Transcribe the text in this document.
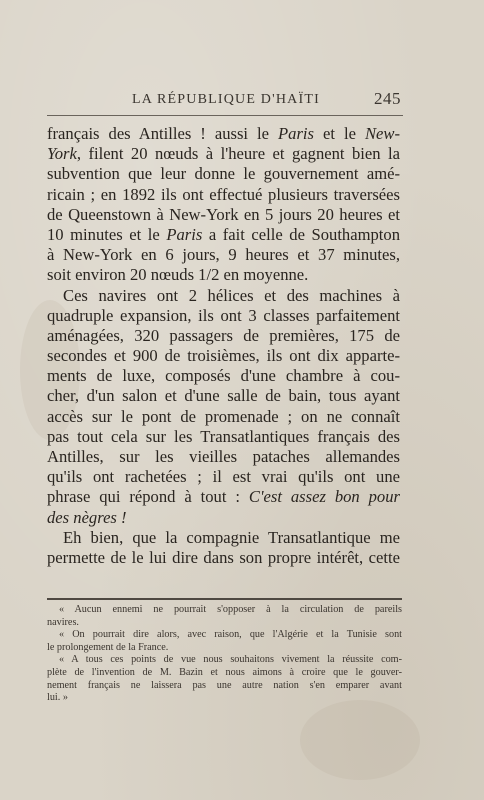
LA RÉPUBLIQUE D'HAÏTI	245
français des Antilles ! aussi le Paris et le New-
York, filent 20 nœuds à l'heure et gagnent bien la
subvention que leur donne le gouvernement amé-
ricain ; en 1892 ils ont effectué plusieurs traversées
de Queenstown à New-York en 5 jours 20 heures et
10 minutes et le Paris a fait celle de Southampton
à New-York en 6 jours, 9 heures et 37 minutes,
soit environ 20 nœuds 1/2 en moyenne.
Ces navires ont 2 hélices et des machines à
quadruple expansion, ils ont 3 classes parfaitement
aménagées, 320 passagers de premières, 175 de
secondes et 900 de troisièmes, ils ont dix apparte-
ments de luxe, composés d'une chambre à cou-
cher, d'un salon et d'une salle de bain, tous ayant
accès sur le pont de promenade ; on ne connaît
pas tout cela sur les Transatlantiques français des
Antilles, sur les vieilles pataches allemandes
qu'ils ont rachetées ; il est vrai qu'ils ont une
phrase qui répond à tout : C'est assez bon pour
des nègres !
Eh bien, que la compagnie Transatlantique me
permette de le lui dire dans son propre intérêt, cette
« Aucun ennemi ne pourrait s'opposer à la circulation de pareils
navires.
« On pourrait dire alors, avec raison, que l'Algérie et la Tunisie sont
le prolongement de la France.
« A tous ces points de vue nous souhaitons vivement la réussite com-
plète de l'invention de M. Bazin et nous aimons à croire que le gouver-
nement français ne laissera pas une autre nation s'en emparer avant
lui. »
